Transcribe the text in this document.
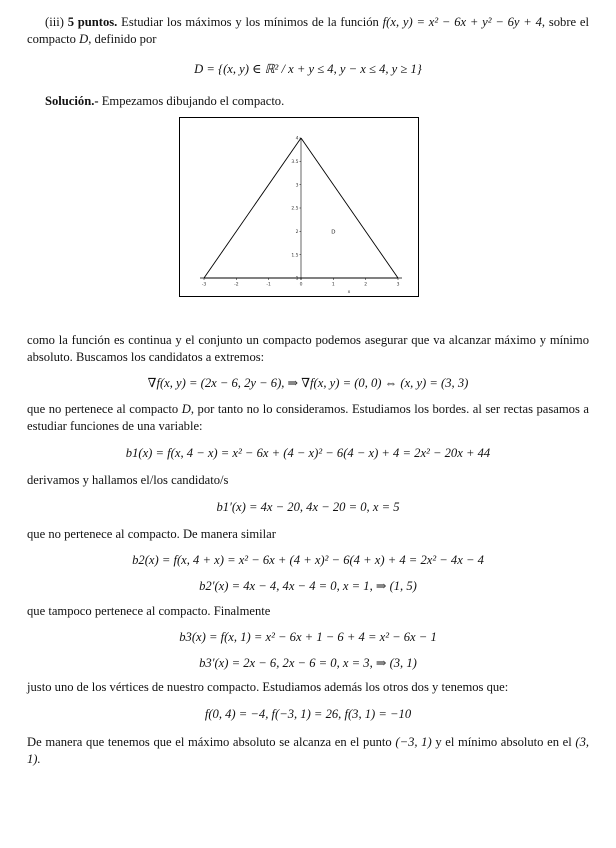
(iii) 5 puntos. Estudiar los máximos y los mínimos de la función f(x, y) = x² − 6x + y² − 6y + 4, sobre el compacto D, definido por

D = {(x, y) ∈ ℝ² / x + y ≤ 4, y − x ≤ 4, y ≥ 1}

Solución.- Empezamos dibujando el compacto.

como la función es continua y el conjunto un compacto podemos asegurar que va alcanzar máximo y mínimo absoluto. Buscamos los candidatos a extremos:

∇f(x, y) = (2x − 6, 2y − 6), ⇒ ∇f(x, y) = (0, 0) ⇔ (x, y) = (3, 3)

que no pertenece al compacto D, por tanto no lo consideramos. Estudiamos los bordes. al ser rectas pasamos a estudiar funciones de una variable:

b1(x) = f(x, 4 − x) = x² − 6x + (4 − x)² − 6(4 − x) + 4 = 2x² − 20x + 44

derivamos y hallamos el/los candidato/s

b1′(x) = 4x − 20, 4x − 20 = 0, x = 5

que no pertenece al compacto. De manera similar

b2(x) = f(x, 4 + x) = x² − 6x + (4 + x)² − 6(4 + x) + 4 = 2x² − 4x − 4

b2′(x) = 4x − 4, 4x − 4 = 0, x = 1, ⇒ (1, 5)

que tampoco pertenece al compacto. Finalmente

b3(x) = f(x, 1) = x² − 6x + 1 − 6 + 4 = x² − 6x − 1

b3′(x) = 2x − 6, 2x − 6 = 0, x = 3, ⇒ (3, 1)

justo uno de los vértices de nuestro compacto. Estudiamos además los otros dos y tenemos que:

f(0, 4) = −4, f(−3, 1) = 26, f(3, 1) = −10

De manera que tenemos que el máximo absoluto se alcanza en el punto (−3, 1) y el mínimo absoluto en el (3, 1).

-3	-2	-1	0	1	2	3
1
1.5
2
2.5
3
3.5
4
x
D
